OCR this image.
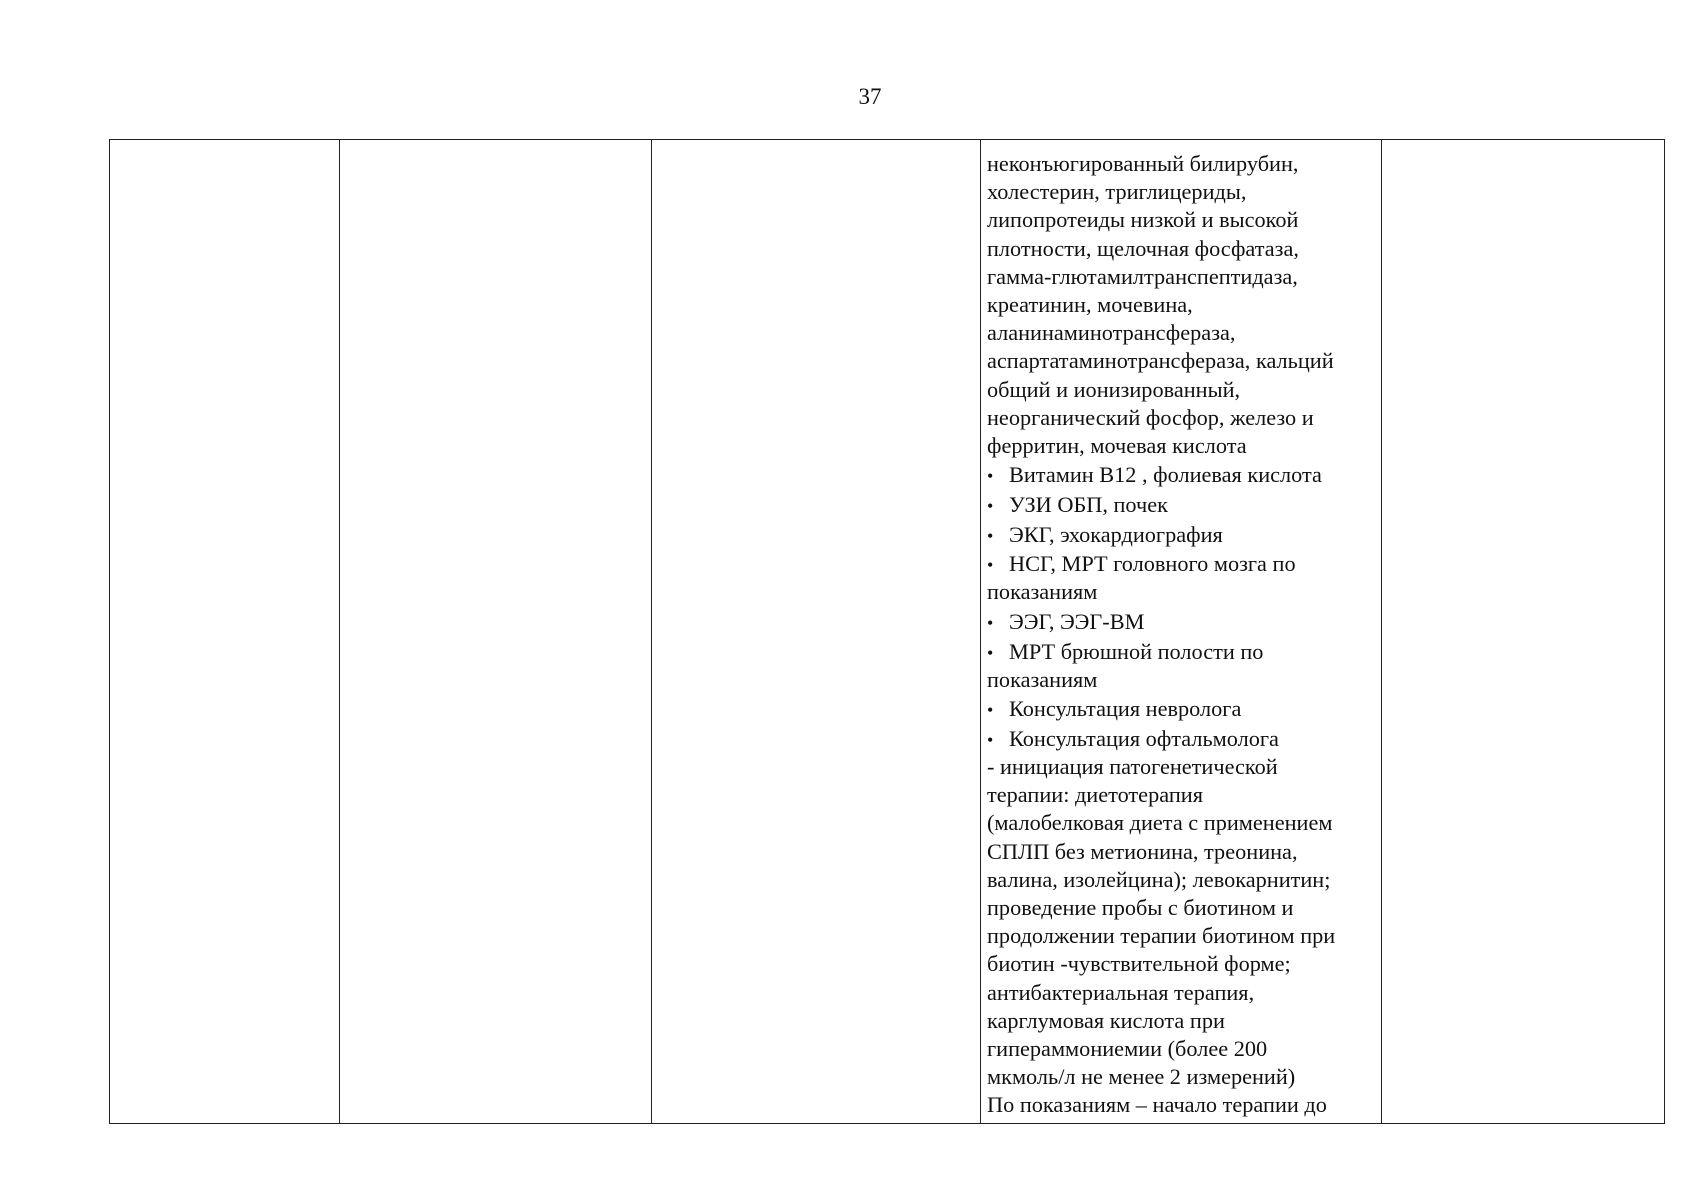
37
неконъюгированный билирубин,
холестерин, триглицериды,
липопротеиды низкой и высокой
плотности, щелочная фосфатаза,
гамма-глютамилтранспептидаза,
креатинин, мочевина,
аланинаминотрансфераза,
аспартатаминотрансфераза, кальций
общий и ионизированный,
неорганический фосфор, железо и
ферритин, мочевая кислота
• Витамин В12 , фолиевая кислота
• УЗИ ОБП, почек
• ЭКГ, эхокардиография
• НСГ, МРТ головного мозга по
показаниям
• ЭЭГ, ЭЭГ-ВМ
• МРТ брюшной полости по
показаниям
• Консультация невролога
• Консультация офтальмолога
- инициация патогенетической
терапии: диетотерапия
(малобелковая диета с применением
СПЛП без метионина, треонина,
валина, изолейцина); левокарнитин;
проведение пробы с биотином и
продолжении терапии биотином при
биотин -чувствительной форме;
антибактериальная терапия,
карглумовая кислота при
гипераммониемии (более 200
мкмоль/л не менее 2 измерений)
По показаниям – начало терапии до
